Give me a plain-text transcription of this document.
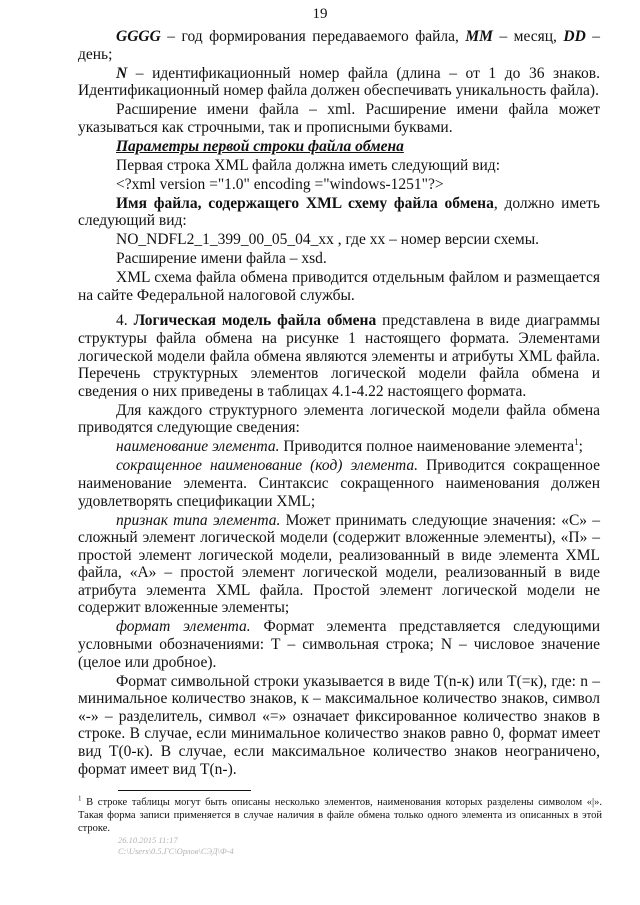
19

GGGG – год формирования передаваемого файла, MM – месяц, DD – день;

N – идентификационный номер файла (длина – от 1 до 36 знаков. Идентификационный номер файла должен обеспечивать уникальность файла).

Расширение имени файла – xml. Расширение имени файла может указываться как строчными, так и прописными буквами.

Параметры первой строки файла обмена

Первая строка XML файла должна иметь следующий вид:

<?xml version ="1.0" encoding ="windows-1251"?>

Имя файла, содержащего XML схему файла обмена, должно иметь следующий вид:

NO_NDFL2_1_399_00_05_04_xx , где хх – номер версии схемы.

Расширение имени файла – xsd.

XML схема файла обмена приводится отдельным файлом и размещается на сайте Федеральной налоговой службы.

4. Логическая модель файла обмена представлена в виде диаграммы структуры файла обмена на рисунке 1 настоящего формата. Элементами логической модели файла обмена являются элементы и атрибуты XML файла. Перечень структурных элементов логической модели файла обмена и сведения о них приведены в таблицах 4.1-4.22 настоящего формата.

Для каждого структурного элемента логической модели файла обмена приводятся следующие сведения:

наименование элемента. Приводится полное наименование элемента$^1$;

сокращенное наименование (код) элемента. Приводится сокращенное наименование элемента. Синтаксис сокращенного наименования должен удовлетворять спецификации XML;

признак типа элемента. Может принимать следующие значения: «С» – сложный элемент логической модели (содержит вложенные элементы), «П» – простой элемент логической модели, реализованный в виде элемента XML файла, «А» – простой элемент логической модели, реализованный в виде атрибута элемента XML файла. Простой элемент логической модели не содержит вложенные элементы;

формат элемента. Формат элемента представляется следующими условными обозначениями: Т – символьная строка; N – числовое значение (целое или дробное).

Формат символьной строки указывается в виде Т(n-к) или Т(=к), где: n – минимальное количество знаков, к – максимальное количество знаков, символ «-» – разделитель, символ «=» означает фиксированное количество знаков в строке. В случае, если минимальное количество знаков равно 0, формат имеет вид Т(0-к). В случае, если максимальное количество знаков неограничено, формат имеет вид Т(n-).

$^1$ В строке таблицы могут быть описаны несколько элементов, наименования которых разделены символом «|». Такая форма записи применяется в случае наличия в файле обмена только одного элемента из описанных в этой строке.
26.10.2015 11:17
С:\Users\0.5.ГС\Орлов\СЭД\Ф-4
